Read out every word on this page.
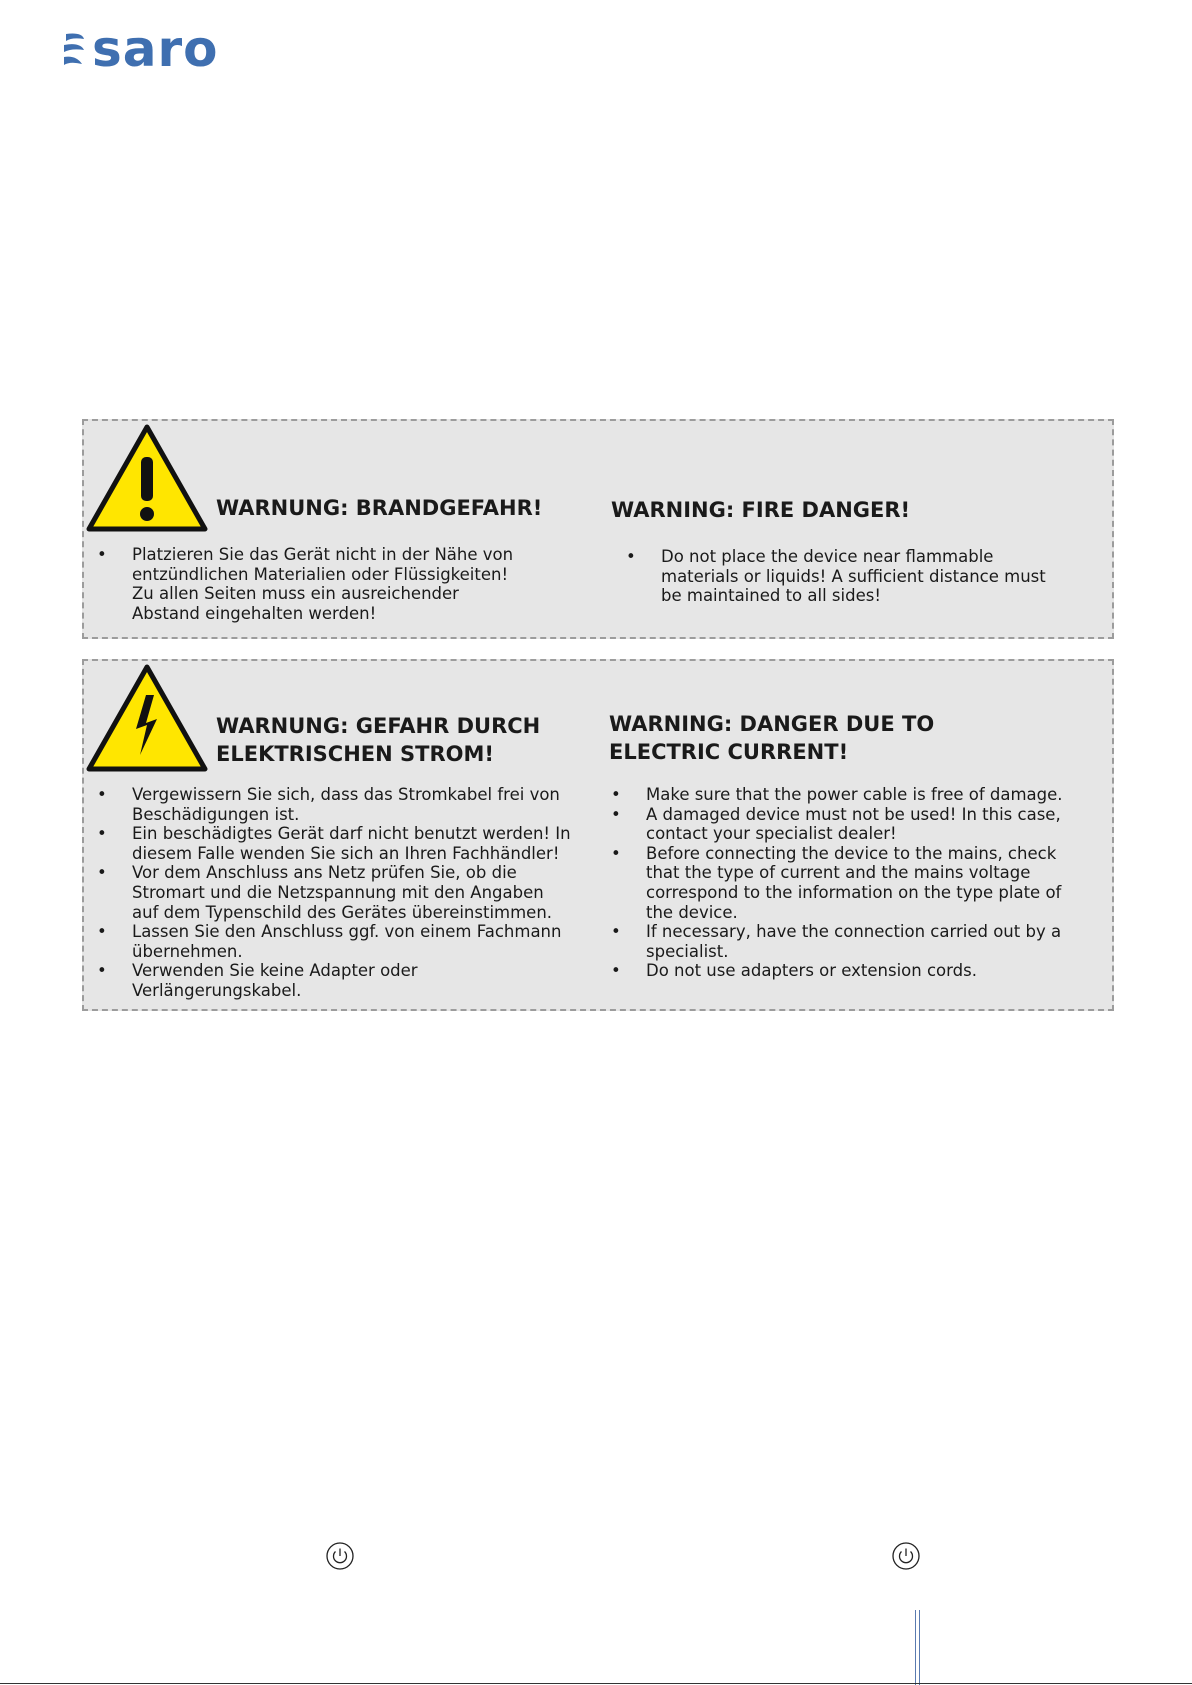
saro
WARNUNG: BRANDGEFAHR!
• Platzieren Sie das Gerät nicht in der Nähe von entzündlichen Materialien oder Flüssigkeiten! Zu allen Seiten muss ein ausreichender Abstand eingehalten werden!
WARNING: FIRE DANGER!
• Do not place the device near flammable materials or liquids! A sufficient distance must be maintained to all sides!
WARNUNG: GEFAHR DURCH
ELEKTRISCHEN STROM!
• Vergewissern Sie sich, dass das Stromkabel frei von Beschädigungen ist.
• Ein beschädigtes Gerät darf nicht benutzt werden! In diesem Falle wenden Sie sich an Ihren Fachhändler!
• Vor dem Anschluss ans Netz prüfen Sie, ob die Stromart und die Netzspannung mit den Angaben auf dem Typenschild des Gerätes übereinstimmen.
• Lassen Sie den Anschluss ggf. von einem Fachmann übernehmen.
• Verwenden Sie keine Adapter oder Verlängerungskabel.
WARNING: DANGER DUE TO
ELECTRIC CURRENT!
• Make sure that the power cable is free of damage.
• A damaged device must not be used! In this case, contact your specialist dealer!
• Before connecting the device to the mains, check that the type of current and the mains voltage correspond to the information on the type plate of the device.
• If necessary, have the connection carried out by a specialist.
• Do not use adapters or extension cords.
